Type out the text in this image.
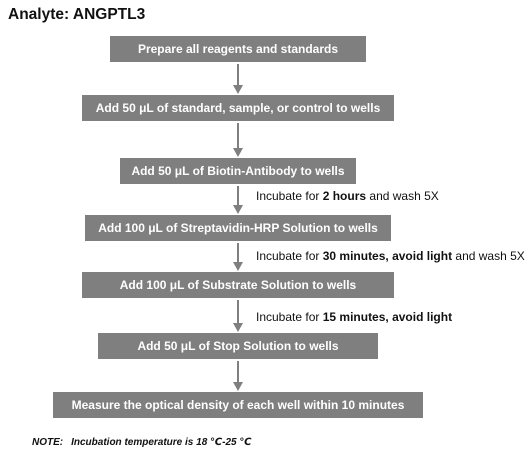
Analyte: ANGPTL3
Prepare all reagents and standards
Add 50 μL of standard, sample, or control to wells
Add 50 μL of Biotin-Antibody to wells
Incubate for 2 hours and wash 5X
Add 100 μL of Streptavidin-HRP Solution to wells
Incubate for 30 minutes, avoid light and wash 5X
Add 100 μL of Substrate Solution to wells
Incubate for 15 minutes, avoid light
Add 50 μL of Stop Solution to wells
Measure the optical density of each well within 10 minutes
NOTE: Incubation temperature is 18 ℃-25 ℃
